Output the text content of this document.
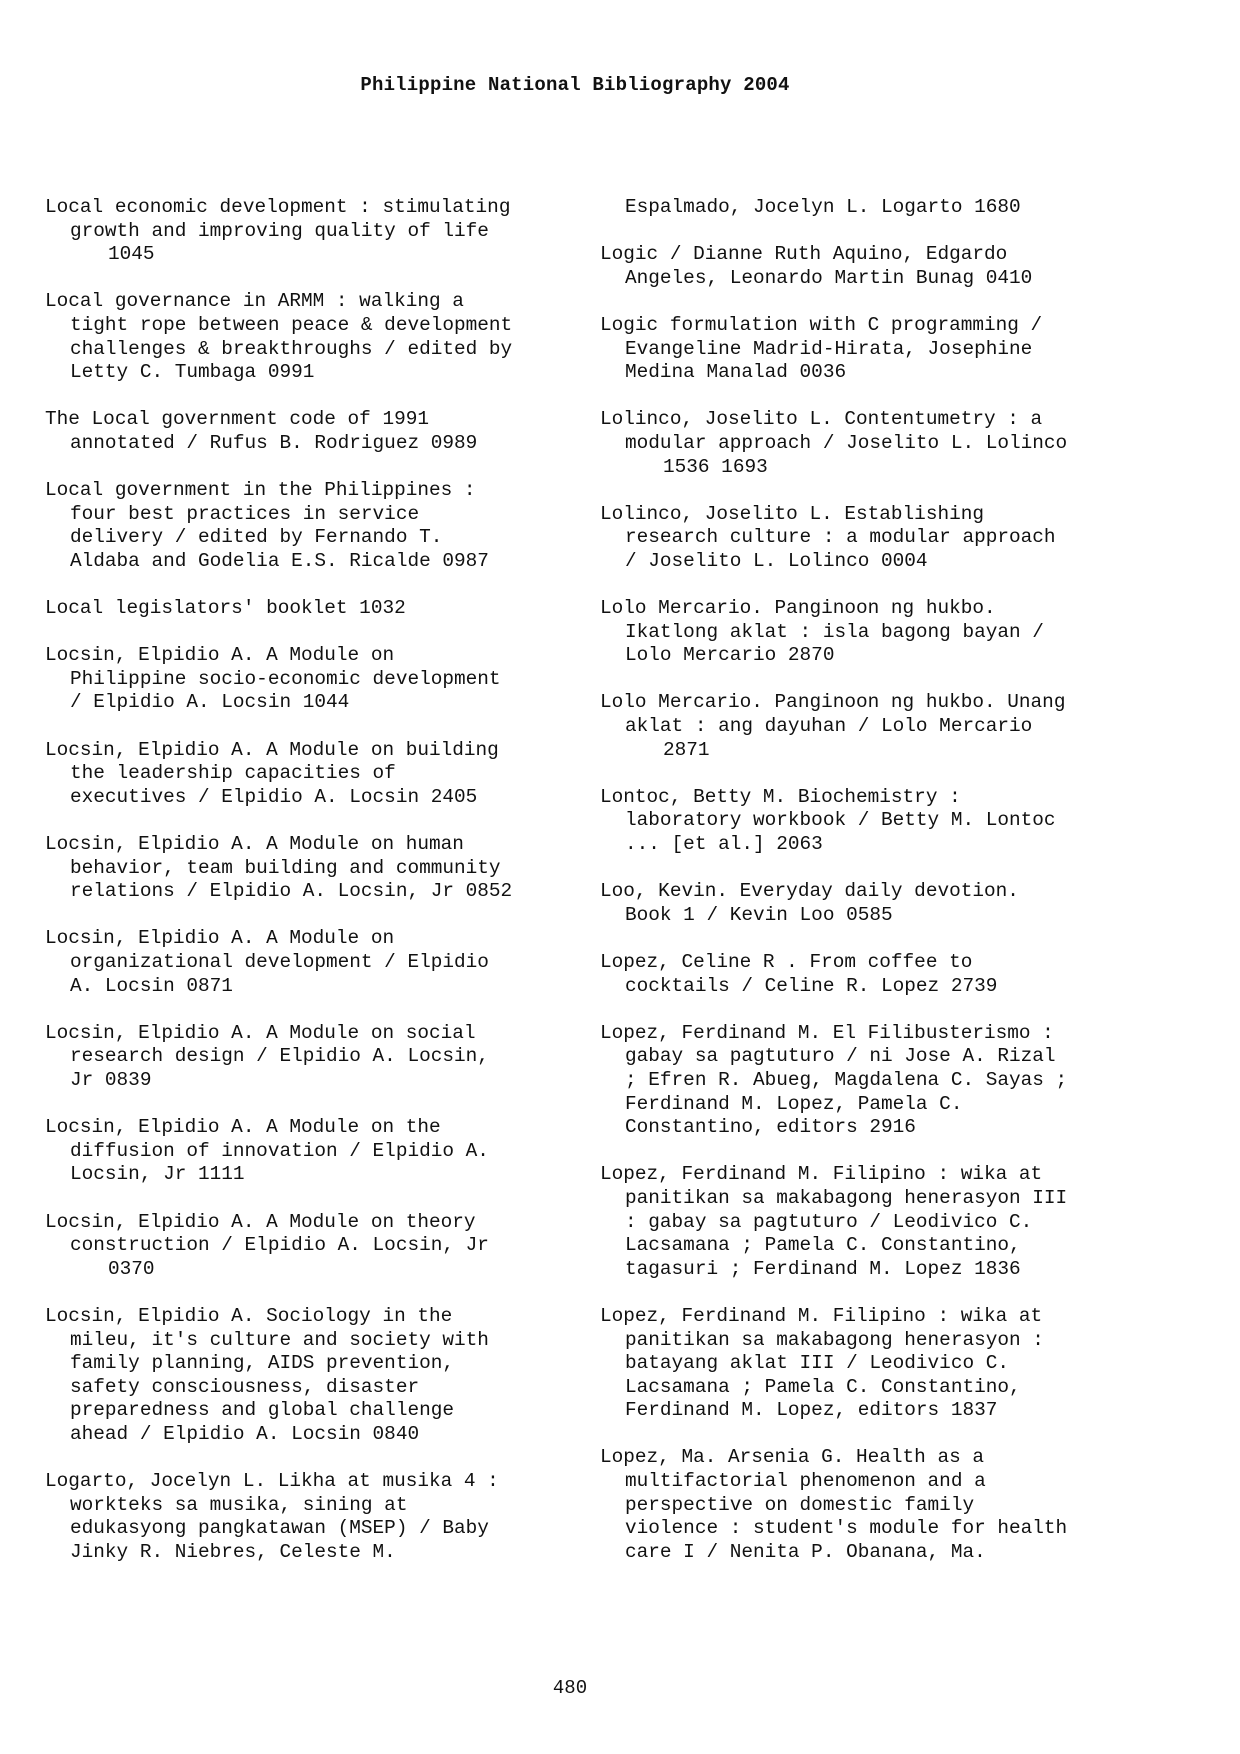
Philippine National Bibliography 2004
Local economic development : stimulating
growth and improving quality of life
1045
Local governance in ARMM : walking a
tight rope between peace & development
challenges & breakthroughs / edited by
Letty C. Tumbaga 0991
The Local government code of 1991
annotated / Rufus B. Rodriguez 0989
Local government in the Philippines :
four best practices in service
delivery / edited by Fernando T.
Aldaba and Godelia E.S. Ricalde 0987
Local legislators' booklet 1032
Locsin, Elpidio A. A Module on
Philippine socio-economic development
/ Elpidio A. Locsin 1044
Locsin, Elpidio A. A Module on building
the leadership capacities of
executives / Elpidio A. Locsin 2405
Locsin, Elpidio A. A Module on human
behavior, team building and community
relations / Elpidio A. Locsin, Jr 0852
Locsin, Elpidio A. A Module on
organizational development / Elpidio
A. Locsin 0871
Locsin, Elpidio A. A Module on social
research design / Elpidio A. Locsin,
Jr 0839
Locsin, Elpidio A. A Module on the
diffusion of innovation / Elpidio A.
Locsin, Jr 1111
Locsin, Elpidio A. A Module on theory
construction / Elpidio A. Locsin, Jr
0370
Locsin, Elpidio A. Sociology in the
mileu, it's culture and society with
family planning, AIDS prevention,
safety consciousness, disaster
preparedness and global challenge
ahead / Elpidio A. Locsin 0840
Logarto, Jocelyn L. Likha at musika 4 :
workteks sa musika, sining at
edukasyong pangkatawan (MSEP) / Baby
Jinky R. Niebres, Celeste M.
Espalmado, Jocelyn L. Logarto 1680
Logic / Dianne Ruth Aquino, Edgardo
Angeles, Leonardo Martin Bunag 0410
Logic formulation with C programming /
Evangeline Madrid-Hirata, Josephine
Medina Manalad 0036
Lolinco, Joselito L. Contentumetry : a
modular approach / Joselito L. Lolinco
1536 1693
Lolinco, Joselito L. Establishing
research culture : a modular approach
/ Joselito L. Lolinco 0004
Lolo Mercario. Panginoon ng hukbo.
Ikatlong aklat : isla bagong bayan /
Lolo Mercario 2870
Lolo Mercario. Panginoon ng hukbo. Unang
aklat : ang dayuhan / Lolo Mercario
2871
Lontoc, Betty M. Biochemistry :
laboratory workbook / Betty M. Lontoc
... [et al.] 2063
Loo, Kevin. Everyday daily devotion.
Book 1 / Kevin Loo 0585
Lopez, Celine R . From coffee to
cocktails / Celine R. Lopez 2739
Lopez, Ferdinand M. El Filibusterismo :
gabay sa pagtuturo / ni Jose A. Rizal
; Efren R. Abueg, Magdalena C. Sayas ;
Ferdinand M. Lopez, Pamela C.
Constantino, editors 2916
Lopez, Ferdinand M. Filipino : wika at
panitikan sa makabagong henerasyon III
: gabay sa pagtuturo / Leodivico C.
Lacsamana ; Pamela C. Constantino,
tagasuri ; Ferdinand M. Lopez 1836
Lopez, Ferdinand M. Filipino : wika at
panitikan sa makabagong henerasyon :
batayang aklat III / Leodivico C.
Lacsamana ; Pamela C. Constantino,
Ferdinand M. Lopez, editors 1837
Lopez, Ma. Arsenia G. Health as a
multifactorial phenomenon and a
perspective on domestic family
violence : student's module for health
care I / Nenita P. Obanana, Ma.
480
